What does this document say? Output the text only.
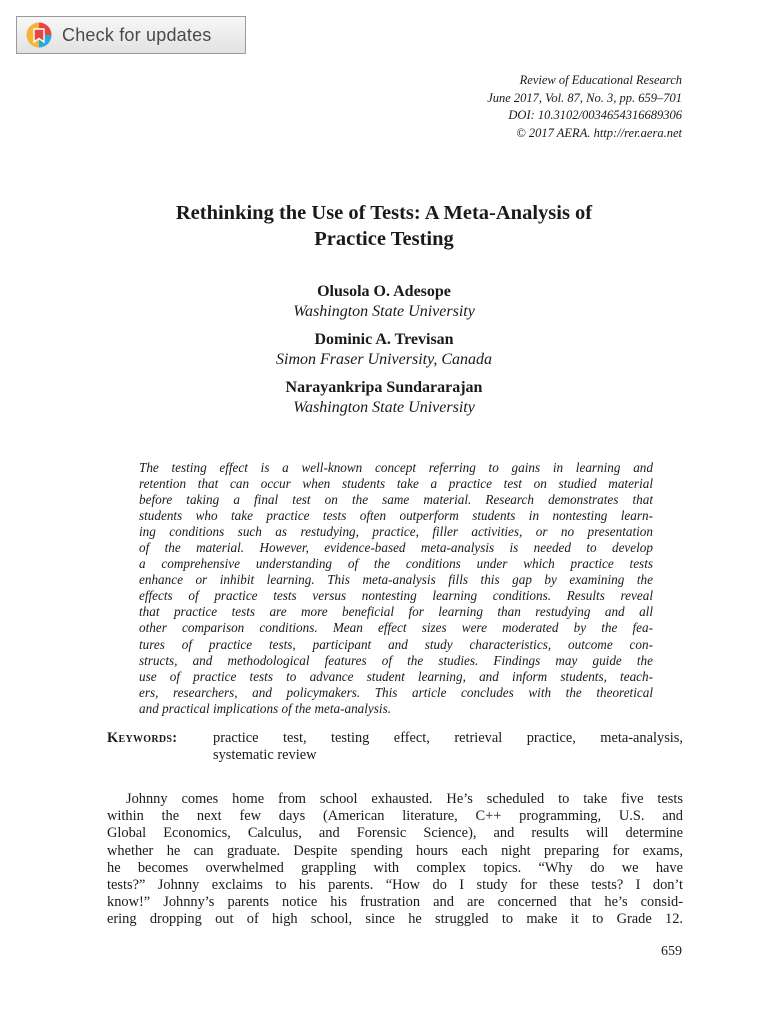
Check for updates
Review of Educational Research
June 2017, Vol. 87, No. 3, pp. 659–701
DOI: 10.3102/0034654316689306
© 2017 AERA. http://rer.aera.net
Rethinking the Use of Tests: A Meta-Analysis of
Practice Testing
Olusola O. Adesope
Washington State University
Dominic A. Trevisan
Simon Fraser University, Canada
Narayankripa Sundararajan
Washington State University
The testing effect is a well-known concept referring to gains in learning and
retention that can occur when students take a practice test on studied material
before taking a final test on the same material. Research demonstrates that
students who take practice tests often outperform students in nontesting learn-
ing conditions such as restudying, practice, filler activities, or no presentation
of the material. However, evidence-based meta-analysis is needed to develop
a comprehensive understanding of the conditions under which practice tests
enhance or inhibit learning. This meta-analysis fills this gap by examining the
effects of practice tests versus nontesting learning conditions. Results reveal
that practice tests are more beneficial for learning than restudying and all
other comparison conditions. Mean effect sizes were moderated by the fea-
tures of practice tests, participant and study characteristics, outcome con-
structs, and methodological features of the studies. Findings may guide the
use of practice tests to advance student learning, and inform students, teach-
ers, researchers, and policymakers. This article concludes with the theoretical
and practical implications of the meta-analysis.
Keywords:	practice test, testing effect, retrieval practice, meta-analysis,
systematic review
Johnny comes home from school exhausted. He’s scheduled to take five tests
within the next few days (American literature, C++ programming, U.S. and
Global Economics, Calculus, and Forensic Science), and results will determine
whether he can graduate. Despite spending hours each night preparing for exams,
he becomes overwhelmed grappling with complex topics. “Why do we have
tests?” Johnny exclaims to his parents. “How do I study for these tests? I don’t
know!” Johnny’s parents notice his frustration and are concerned that he’s consid-
ering dropping out of high school, since he struggled to make it to Grade 12.
659
